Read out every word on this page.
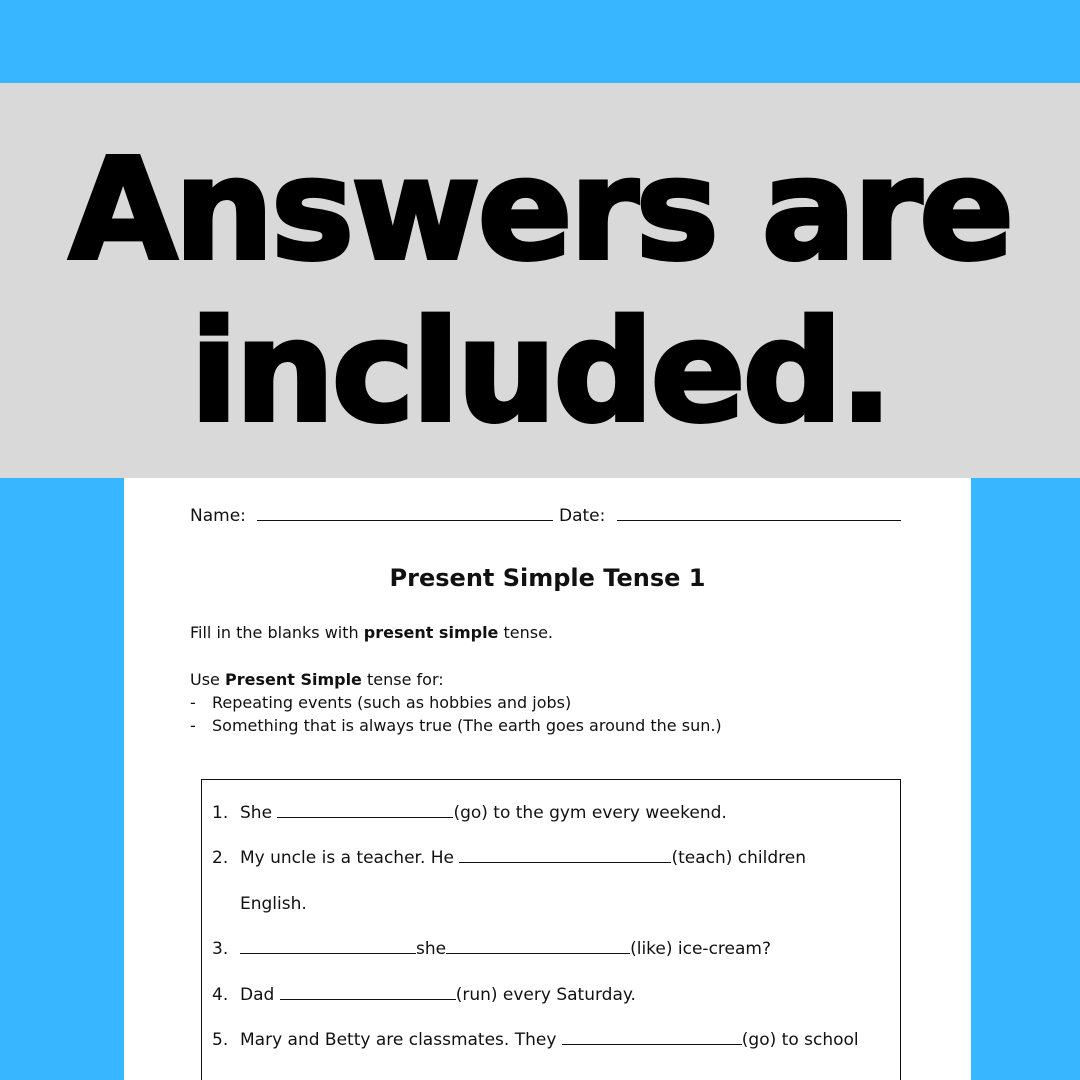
Answers are
included.
Name:	Date:
Present Simple Tense 1
Fill in the blanks with present simple tense.
Use Present Simple tense for:
- Repeating events (such as hobbies and jobs)
- Something that is always true (The earth goes around the sun.)
1. She	(go) to the gym every weekend.
2. My uncle is a teacher. He	(teach) children
English.
3.	she	(like) ice-cream?
4. Dad	(run) every Saturday.
5. Mary and Betty are classmates. They	(go) to school
